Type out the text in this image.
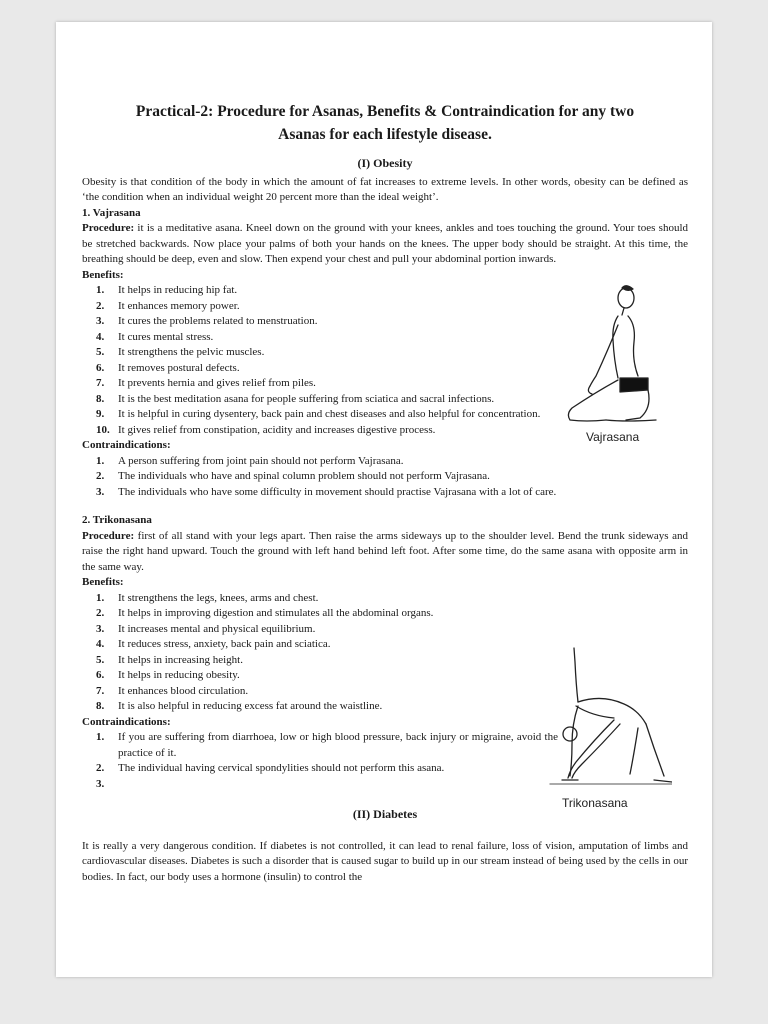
Practical-2: Procedure for Asanas, Benefits & Contraindication for any two
Asanas for each lifestyle disease.
(I) Obesity

Obesity is that condition of the body in which the amount of fat increases to extreme levels. In other words, obesity can be defined as ‘the condition when an individual weight 20 percent more than the ideal weight’.

1. Vajrasana

Procedure: it is a meditative asana. Kneel down on the ground with your knees, ankles and toes touching the ground. Your toes should be stretched backwards. Now place your palms of both your hands on the knees. The upper body should be straight. At this time, the breathing should be deep, even and slow. Then expend your chest and pull your abdominal portion inwards.

Benefits:
1.	It helps in reducing hip fat.
2.	It enhances memory power.
3.	It cures the problems related to menstruation.
4.	It cures mental stress.
5.	It strengthens the pelvic muscles.
6.	It removes postural defects.
7.	It prevents hernia and gives relief from piles.
8.	It is the best meditation asana for people suffering from sciatica and sacral infections.
9.	It is helpful in curing dysentery, back pain and chest diseases and also helpful for concentration.
10. It gives relief from constipation, acidity and increases digestive process.
Contraindications:
1.	A person suffering from joint pain should not perform Vajrasana.
2.	The individuals who have and spinal column problem should not perform Vajrasana.
3.	The individuals who have some difficulty in movement should practise Vajrasana with a lot of care.
2. Trikonasana

Procedure: first of all stand with your legs apart. Then raise the arms sideways up to the shoulder level. Bend the trunk sideways and raise the right hand upward. Touch the ground with left hand behind left foot. After some time, do the same asana with opposite arm in the same way.

Benefits:
1.	It strengthens the legs, knees, arms and chest.
2.	It helps in improving digestion and stimulates all the abdominal organs.
3.	It increases mental and physical equilibrium.
4.	It reduces stress, anxiety, back pain and sciatica.
5.	It helps in increasing height.
6.	It helps in reducing obesity.
7.	It enhances blood circulation.
8.	It is also helpful in reducing excess fat around the waistline.
Contraindications:
1.	If you are suffering from diarrhoea, low or high blood pressure, back injury or migraine, avoid the practice of it.
2.	The individual having cervical spondylities should not perform this asana.
3.
(II) Diabetes

It is really a very dangerous condition. If diabetes is not controlled, it can lead to renal failure, loss of vision, amputation of limbs and cardiovascular diseases. Diabetes is such a disorder that is caused sugar to build up in our stream instead of being used by the cells in our bodies. In fact, our body uses a hormone (insulin) to control the

Vajrasana
Trikonasana
